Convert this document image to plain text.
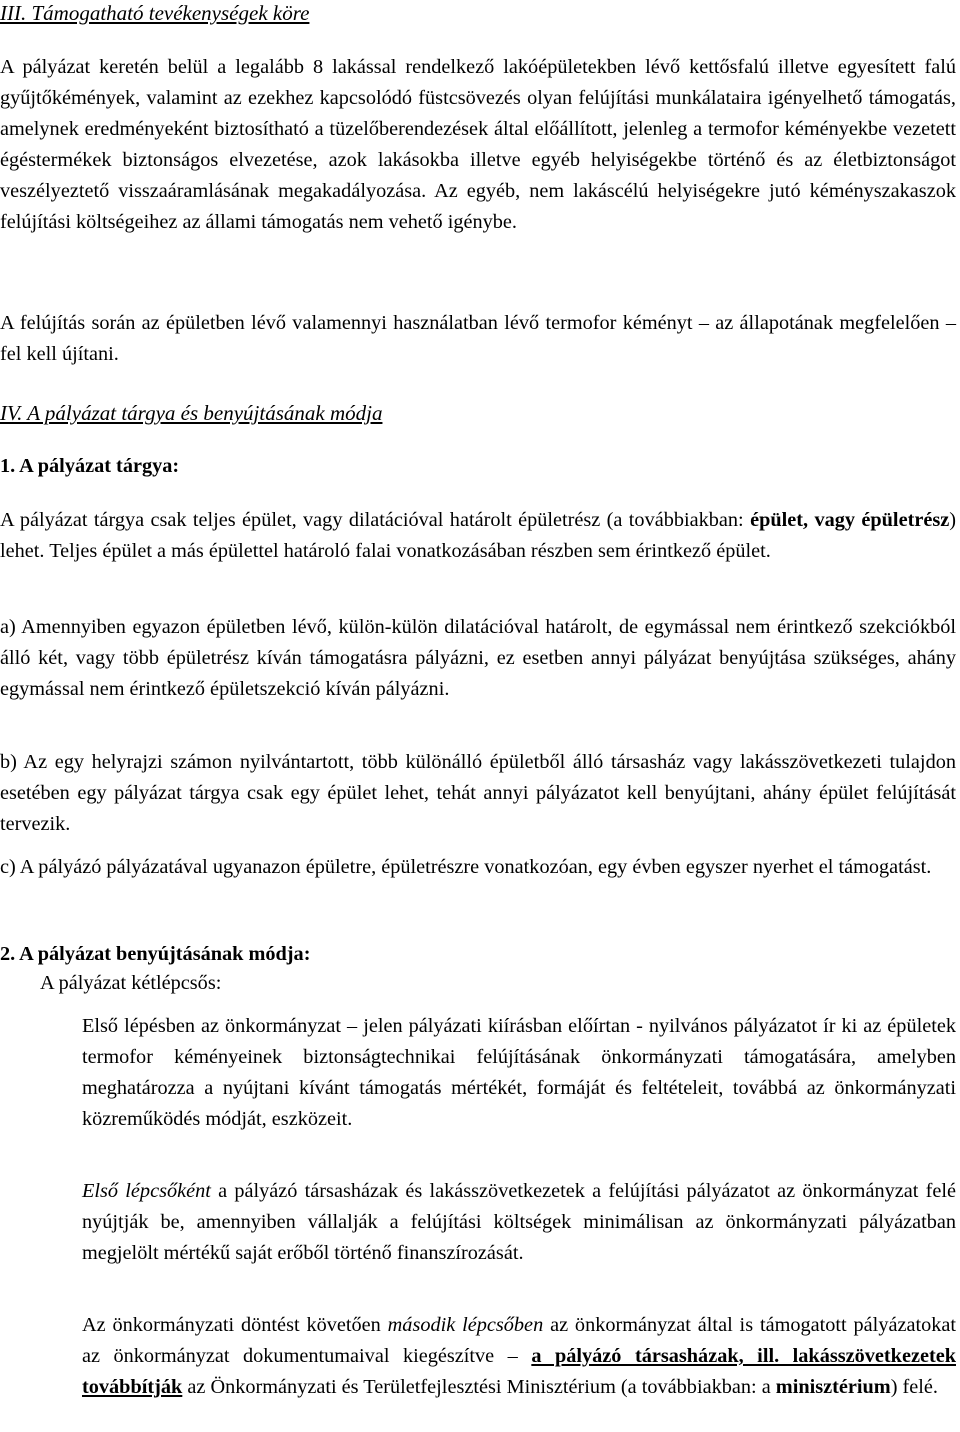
III. Támogatható tevékenységek köre

A pályázat keretén belül a legalább 8 lakással rendelkező lakóépületekben lévő kettősfalú illetve egyesített falú gyűjtőkémények, valamint az ezekhez kapcsolódó füstcsövezés olyan felújítási munkálataira igényelhető támogatás, amelynek eredményeként biztosítható a tüzelőberendezések által előállított, jelenleg a termofor kéményekbe vezetett égéstermékek biztonságos elvezetése, azok lakásokba illetve egyéb helyiségekbe történő és az életbiztonságot veszélyeztető visszaáramlásának megakadályozása. Az egyéb, nem lakáscélú helyiségekre jutó kéményszakaszok felújítási költségeihez az állami támogatás nem vehető igénybe.

A felújítás során az épületben lévő valamennyi használatban lévő termofor kéményt – az állapotának megfelelően – fel kell újítani.

IV. A pályázat tárgya és benyújtásának módja
1. A pályázat tárgya:

A pályázat tárgya csak teljes épület, vagy dilatációval határolt épületrész (a továbbiakban: épület, vagy épületrész) lehet. Teljes épület a más épülettel határoló falai vonatkozásában részben sem érintkező épület.

a) Amennyiben egyazon épületben lévő, külön-külön dilatációval határolt, de egymással nem érintkező szekciókból álló két, vagy több épületrész kíván támogatásra pályázni, ez esetben annyi pályázat benyújtása szükséges, ahány egymással nem érintkező épületszekció kíván pályázni.

b) Az egy helyrajzi számon nyilvántartott, több különálló épületből álló társasház vagy lakásszövetkezeti tulajdon esetében egy pályázat tárgya csak egy épület lehet, tehát annyi pályázatot kell benyújtani, ahány épület felújítását tervezik.

c) A pályázó pályázatával ugyanazon épületre, épületrészre vonatkozóan, egy évben egyszer nyerhet el támogatást.

2. A pályázat benyújtásának módja:
A pályázat kétlépcsős:

Első lépésben az önkormányzat – jelen pályázati kiírásban előírtan - nyilvános pályázatot ír ki az épületek termofor kéményeinek biztonságtechnikai felújításának önkormányzati támogatására, amelyben meghatározza a nyújtani kívánt támogatás mértékét, formáját és feltételeit, továbbá az önkormányzati közreműködés módját, eszközeit.

Első lépcsőként a pályázó társasházak és lakásszövetkezetek a felújítási pályázatot az önkormányzat felé nyújtják be, amennyiben vállalják a felújítási költségek minimálisan az önkormányzati pályázatban megjelölt mértékű saját erőből történő finanszírozását.

Az önkormányzati döntést követően második lépcsőben az önkormányzat által is támogatott pályázatokat az önkormányzat dokumentumaival kiegészítve – a pályázó társasházak, ill. lakásszövetkezetek továbbítják az Önkormányzati és Területfejlesztési Minisztérium (a továbbiakban: a minisztérium) felé.
